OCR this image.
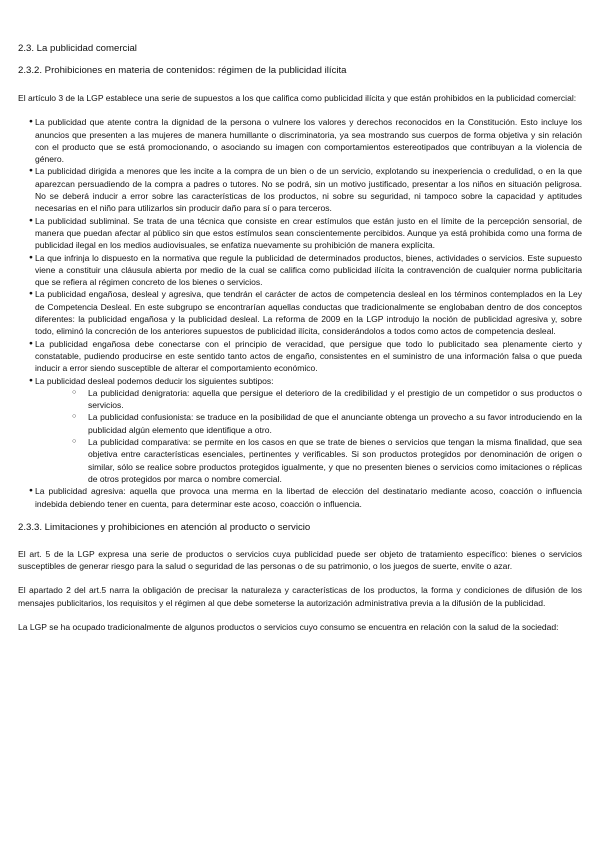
2.3. La publicidad comercial
2.3.2. Prohibiciones en materia de contenidos: régimen de la publicidad ilícita

El artículo 3 de la LGP establece una serie de supuestos a los que califica como publicidad ilícita y que están prohibidos en la publicidad comercial:

● La publicidad que atente contra la dignidad de la persona o vulnere los valores y derechos reconocidos en la Constitución. Esto incluye los anuncios que presenten a las mujeres de manera humillante o discriminatoria, ya sea mostrando sus cuerpos de forma objetiva y sin relación con el producto que se está promocionando, o asociando su imagen con comportamientos estereotipados que contribuyan a la violencia de género.
● La publicidad dirigida a menores que les incite a la compra de un bien o de un servicio, explotando su inexperiencia o credulidad, o en la que aparezcan persuadiendo de la compra a padres o tutores. No se podrá, sin un motivo justificado, presentar a los niños en situación peligrosa. No se deberá inducir a error sobre las características de los productos, ni sobre su seguridad, ni tampoco sobre la capacidad y aptitudes necesarias en el niño para utilizarlos sin producir daño para sí o para terceros.
● La publicidad subliminal. Se trata de una técnica que consiste en crear estímulos que están justo en el límite de la percepción sensorial, de manera que puedan afectar al público sin que estos estímulos sean conscientemente percibidos. Aunque ya está prohibida como una forma de publicidad ilegal en los medios audiovisuales, se enfatiza nuevamente su prohibición de manera explícita.
● La que infrinja lo dispuesto en la normativa que regule la publicidad de determinados productos, bienes, actividades o servicios. Este supuesto viene a constituir una cláusula abierta por medio de la cual se califica como publicidad ilícita la contravención de cualquier norma publicitaria que se refiera al régimen concreto de los bienes o servicios.
● La publicidad engañosa, desleal y agresiva, que tendrán el carácter de actos de competencia desleal en los términos contemplados en la Ley de Competencia Desleal. En este subgrupo se encontrarían aquellas conductas que tradicionalmente se englobaban dentro de dos conceptos diferentes: la publicidad engañosa y la publicidad desleal. La reforma de 2009 en la LGP introdujo la noción de publicidad agresiva y, sobre todo, eliminó la concreción de los anteriores supuestos de publicidad ilícita, considerándolos a todos como actos de competencia desleal.
● La publicidad engañosa debe conectarse con el principio de veracidad, que persigue que todo lo publicitado sea plenamente cierto y constatable, pudiendo producirse en este sentido tanto actos de engaño, consistentes en el suministro de una información falsa o que pueda inducir a error siendo susceptible de alterar el comportamiento económico.
● La publicidad desleal podemos deducir los siguientes subtipos:
○ La publicidad denigratoria: aquella que persigue el deterioro de la credibilidad y el prestigio de un competidor o sus productos o servicios.
○ La publicidad confusionista: se traduce en la posibilidad de que el anunciante obtenga un provecho a su favor introduciendo en la publicidad algún elemento que identifique a otro.
○ La publicidad comparativa: se permite en los casos en que se trate de bienes o servicios que tengan la misma finalidad, que sea objetiva entre características esenciales, pertinentes y verificables. Si son productos protegidos por denominación de origen o similar, sólo se realice sobre productos protegidos igualmente, y que no presenten bienes o servicios como imitaciones o réplicas de otros protegidos por marca o nombre comercial.
● La publicidad agresiva: aquella que provoca una merma en la libertad de elección del destinatario mediante acoso, coacción o influencia indebida debiendo tener en cuenta, para determinar este acoso, coacción o influencia.
2.3.3. Limitaciones y prohibiciones en atención al producto o servicio

El art. 5 de la LGP expresa una serie de productos o servicios cuya publicidad puede ser objeto de tratamiento específico: bienes o servicios susceptibles de generar riesgo para la salud o seguridad de las personas o de su patrimonio, o los juegos de suerte, envite o azar.

El apartado 2 del art.5 narra la obligación de precisar la naturaleza y características de los productos, la forma y condiciones de difusión de los mensajes publicitarios, los requisitos y el régimen al que debe someterse la autorización administrativa previa a la difusión de la publicidad.

La LGP se ha ocupado tradicionalmente de algunos productos o servicios cuyo consumo se encuentra en relación con la salud de la sociedad:
